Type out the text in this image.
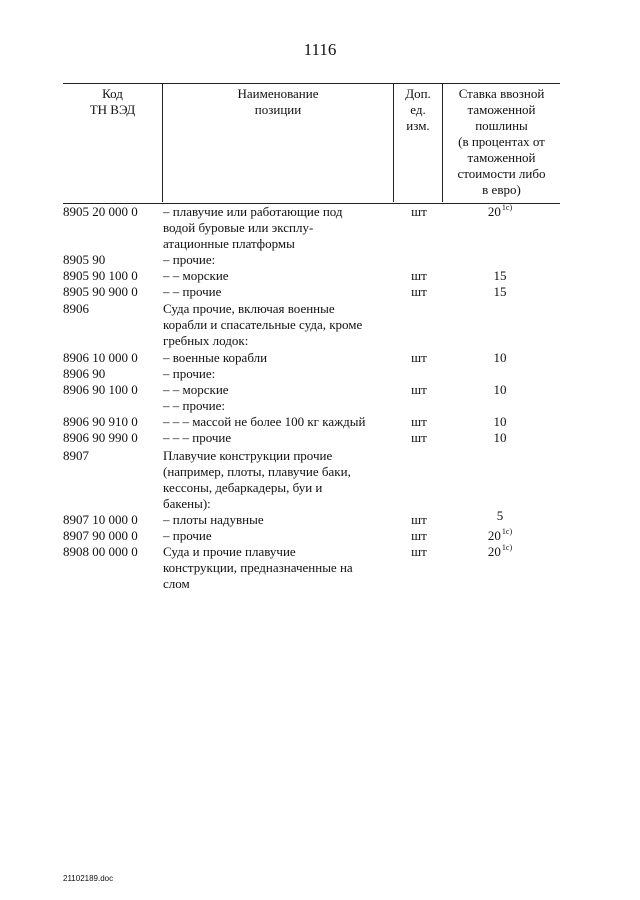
1116
Код
ТН ВЭД
Наименование
позиции
Доп.
ед.
изм.
Ставка ввозной
таможенной
пошлины
(в процентах от
таможенной
стоимости либо
в евро)
8905 20 000 0 – плавучие или работающие под
водой буровые или эксплу-
атационные платформы
шт	20$^{1с)}$
8905 90	– прочие:
8905 90 100 0 – – морские	шт	15
8905 90 900 0 – – прочие	шт	15
8906	Суда прочие, включая военные
корабли и спасательные суда, кроме
гребных лодок:
8906 10 000 0 – военные корабли	шт	10
8906 90	– прочие:
8906 90 100 0 – – морские	шт	10
– – прочие:
8906 90 910 0 – – – массой не более 100 кг каждый	шт	10
8906 90 990 0 – – – прочие	шт	10
8907	Плавучие конструкции прочие
(например, плоты, плавучие баки,
кессоны, дебаркадеры, буи и
бакены):
8907 10 000 0 – плоты надувные	шт	5
8907 90 000 0 – прочие	шт	20$^{1с)}$
8908 00 000 0 Суда и прочие плавучие
конструкции, предназначенные на
слом
шт	20$^{1с)}$
21102189.doc
